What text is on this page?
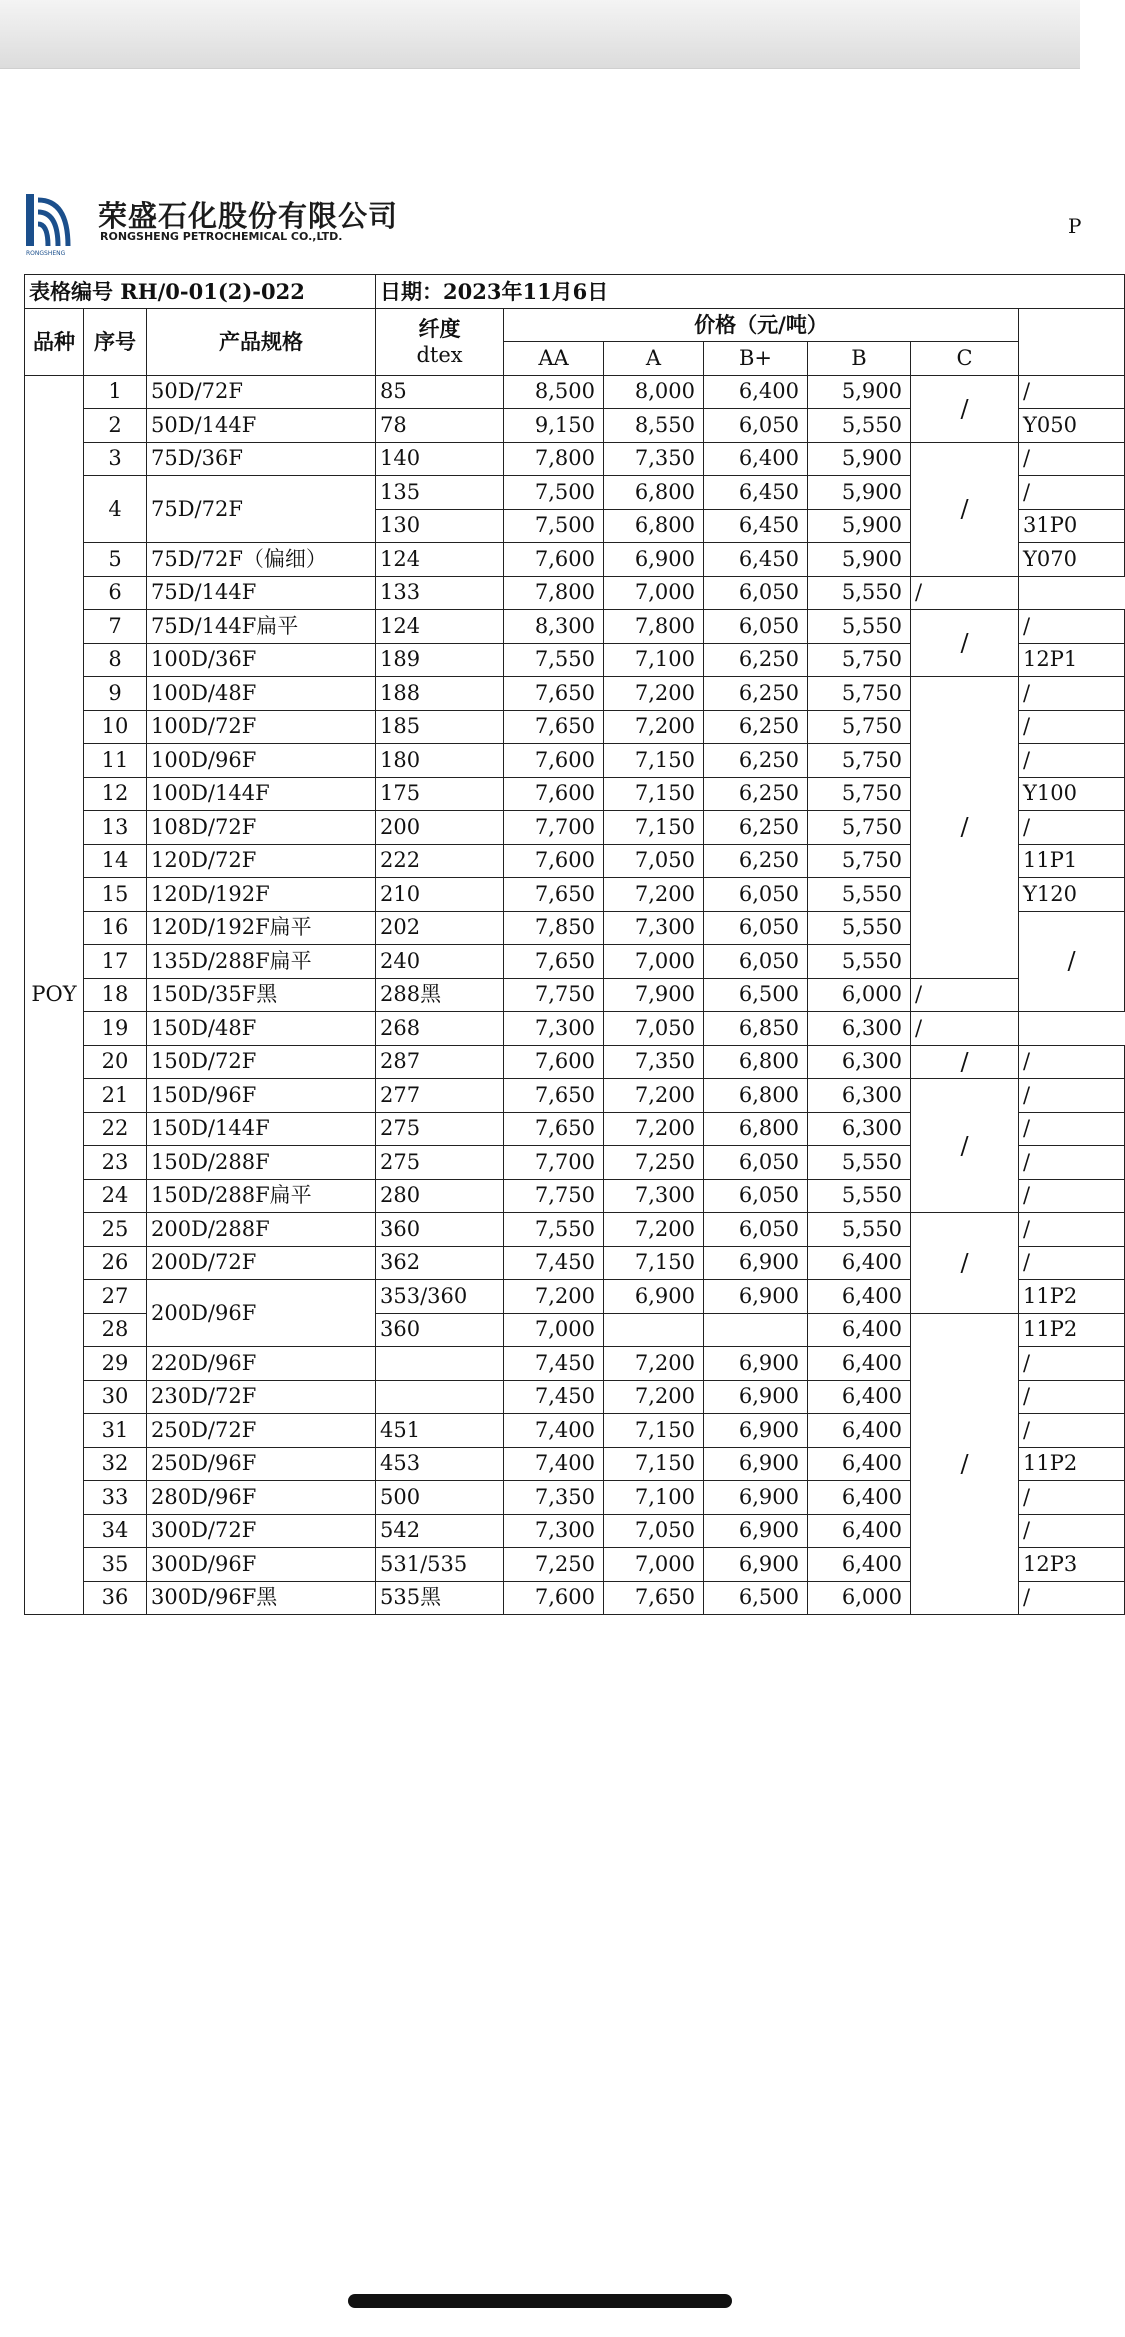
RONGSHENG
荣盛石化股份有限公司
RONGSHENG PETROCHEMICAL CO.,LTD.	P
表格编号 RH/0-01(2)-022			日期：2023年11月6日							
品种	序号	产品规格	纤度
dtex	价格（元/吨）						
				AA	A	B+	B	C		
POY	1	50D/72F	85	8,500	8,000	6,400	5,900	/	/	
	2	50D/144F	78	9,150	8,550	6,050	5,550		Y050	
	3	75D/36F	140	7,800	7,350	6,400	5,900	/	/	
	4	75D/72F	135	7,500	6,800	6,450	5,900		/	
			130	7,500	6,800	6,450	5,900		31P0	
	5	75D/72F（偏细）	124	7,600	6,900	6,450	5,900		Y070	
	6	75D/144F	133	7,800	7,000	6,050	5,550	/		
	7	75D/144F扁平	124	8,300	7,800	6,050	5,550	/	/	
	8	100D/36F	189	7,550	7,100	6,250	5,750		12P1	
	9	100D/48F	188	7,650	7,200	6,250	5,750	/	/	
	10	100D/72F	185	7,650	7,200	6,250	5,750		/	
	11	100D/96F	180	7,600	7,150	6,250	5,750		/	
	12	100D/144F	175	7,600	7,150	6,250	5,750		Y100	
	13	108D/72F	200	7,700	7,150	6,250	5,750		/	
	14	120D/72F	222	7,600	7,050	6,250	5,750		11P1	
	15	120D/192F	210	7,650	7,200	6,050	5,550		Y120	
	16	120D/192F扁平	202	7,850	7,300	6,050	5,550		/	
	17	135D/288F扁平	240	7,650	7,000	6,050	5,550	
	18	150D/35F黑	288黑	7,750	7,900	6,500	6,000	/		
	19	150D/48F	268	7,300	7,050	6,850	6,300	/		
	20	150D/72F	287	7,600	7,350	6,800	6,300	/	/	
	21	150D/96F	277	7,650	7,200	6,800	6,300	/	/	
	22	150D/144F	275	7,650	7,200	6,800	6,300		/	
	23	150D/288F	275	7,700	7,250	6,050	5,550		/	
	24	150D/288F扁平	280	7,750	7,300	6,050	5,550		/	
	25	200D/288F	360	7,550	7,200	6,050	5,550	/	/	
	26	200D/72F	362	7,450	7,150	6,900	6,400		/	
	27	200D/96F	353/360	7,200	6,900	6,900	6,400		11P2	
	28		360	7,000			6,400	/	11P2	
	29	220D/96F		7,450	7,200	6,900	6,400		/	
	30	230D/72F		7,450	7,200	6,900	6,400		/	
	31	250D/72F	451	7,400	7,150	6,900	6,400		/	
	32	250D/96F	453	7,400	7,150	6,900	6,400		11P2	
	33	280D/96F	500	7,350	7,100	6,900	6,400		/	
	34	300D/72F	542	7,300	7,050	6,900	6,400		/	
	35	300D/96F	531/535	7,250	7,000	6,900	6,400		12P3	
	36	300D/96F黑	535黑	7,600	7,650	6,500	6,000		/	
